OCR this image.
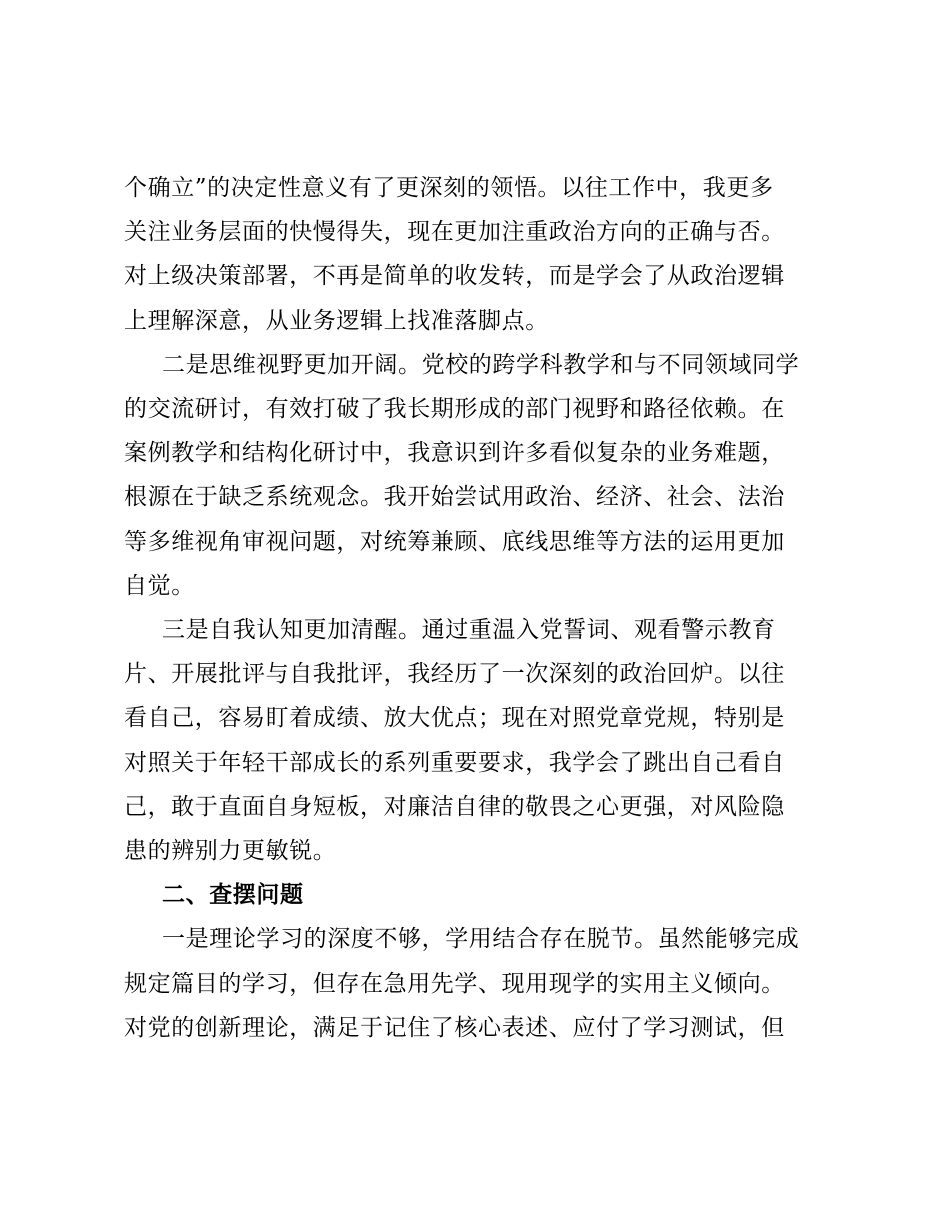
个确立”的决定性意义有了更深刻的领悟。以往工作中，我更多
关注业务层面的快慢得失，现在更加注重政治方向的正确与否。
对上级决策部署，不再是简单的收发转，而是学会了从政治逻辑
上理解深意，从业务逻辑上找准落脚点。

二是思维视野更加开阔。党校的跨学科教学和与不同领域同学
的交流研讨，有效打破了我长期形成的部门视野和路径依赖。在
案例教学和结构化研讨中，我意识到许多看似复杂的业务难题，
根源在于缺乏系统观念。我开始尝试用政治、经济、社会、法治
等多维视角审视问题，对统筹兼顾、底线思维等方法的运用更加
自觉。

三是自我认知更加清醒。通过重温入党誓词、观看警示教育
片、开展批评与自我批评，我经历了一次深刻的政治回炉。以往
看自己，容易盯着成绩、放大优点；现在对照党章党规，特别是
对照关于年轻干部成长的系列重要要求，我学会了跳出自己看自
己，敢于直面自身短板，对廉洁自律的敬畏之心更强，对风险隐
患的辨别力更敏锐。

二、查摆问题

一是理论学习的深度不够，学用结合存在脱节。虽然能够完成
规定篇目的学习，但存在急用先学、现用现学的实用主义倾向。
对党的创新理论，满足于记住了核心表述、应付了学习测试，但
